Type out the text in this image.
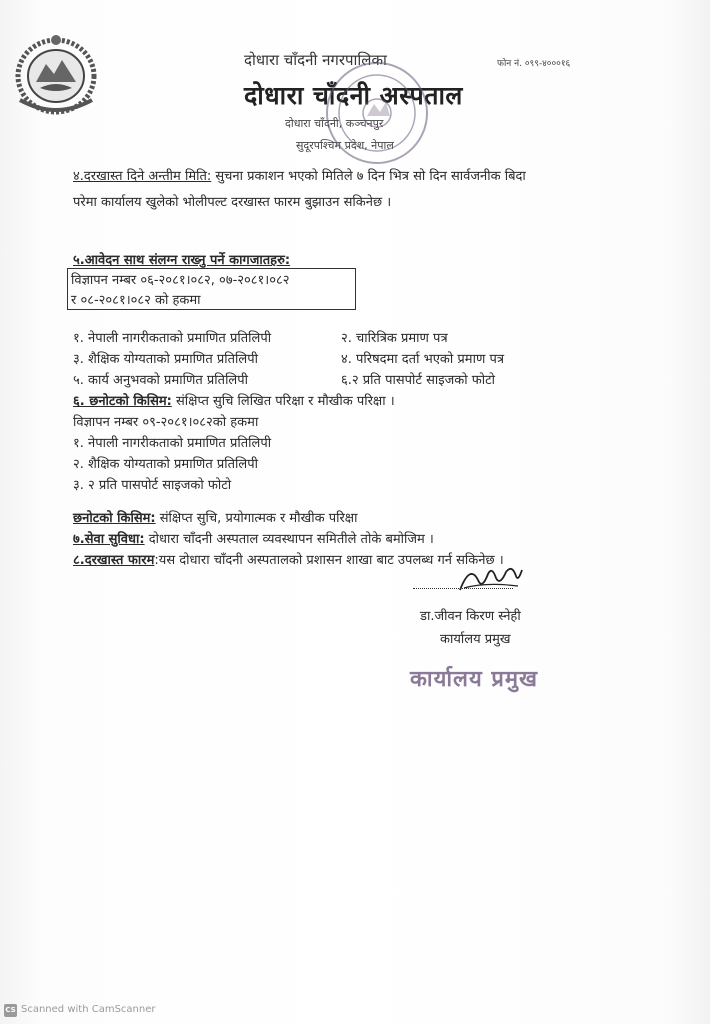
दोधारा चाँदनी नगरपालिका	फोन नं. ०९९-४०००१६
दोधारा चाँदनी अस्पताल
दोधारा चाँदनी, कञ्चनपुर
सुदूरपश्चिम प्रदेश, नेपाल
४.दरखास्त दिने अन्तीम मिति: सुचना प्रकाशन भएको मितिले ७ दिन भित्र सो दिन सार्वजनीक बिदा
परेमा कार्यालय खुलेको भोलीपल्ट दरखास्त फारम बुझाउन सकिनेछ ।
५.आवेदन साथ संलग्न राख्नु पर्ने कागजातहरु:
विज्ञापन नम्बर ०६-२०८१।०८२, ०७-२०८१।०८२
र ०८-२०८१।०८२ को हकमा
१. नेपाली नागरीकताको प्रमाणित प्रतिलिपी	२. चारित्रिक प्रमाण पत्र
३. शैक्षिक योग्यताको प्रमाणित प्रतिलिपी	४. परिषदमा दर्ता भएको प्रमाण पत्र
५. कार्य अनुभवको प्रमाणित प्रतिलिपी	६.२ प्रति पासपोर्ट साइजको फोटो
६. छनोटको किसिम: संक्षिप्त सुचि लिखित परिक्षा र मौखीक परिक्षा ।
विज्ञापन नम्बर ०९-२०८१।०८२को हकमा
१. नेपाली नागरीकताको प्रमाणित प्रतिलिपी
२. शैक्षिक योग्यताको प्रमाणित प्रतिलिपी
३. २ प्रति पासपोर्ट साइजको फोटो
छनोटको किसिम: संक्षिप्त सुचि, प्रयोगात्मक र मौखीक परिक्षा
७.सेवा सुविधा: दोधारा चाँदनी अस्पताल व्यवस्थापन समितीले तोके बमोजिम ।
८.दरखास्त फारम:यस दोधारा चाँदनी अस्पतालको प्रशासन शाखा बाट उपलब्ध गर्न सकिनेछ ।
डा.जीवन किरण स्नेही
कार्यालय प्रमुख
कार्यालय प्रमुख
CS Scanned with CamScanner
